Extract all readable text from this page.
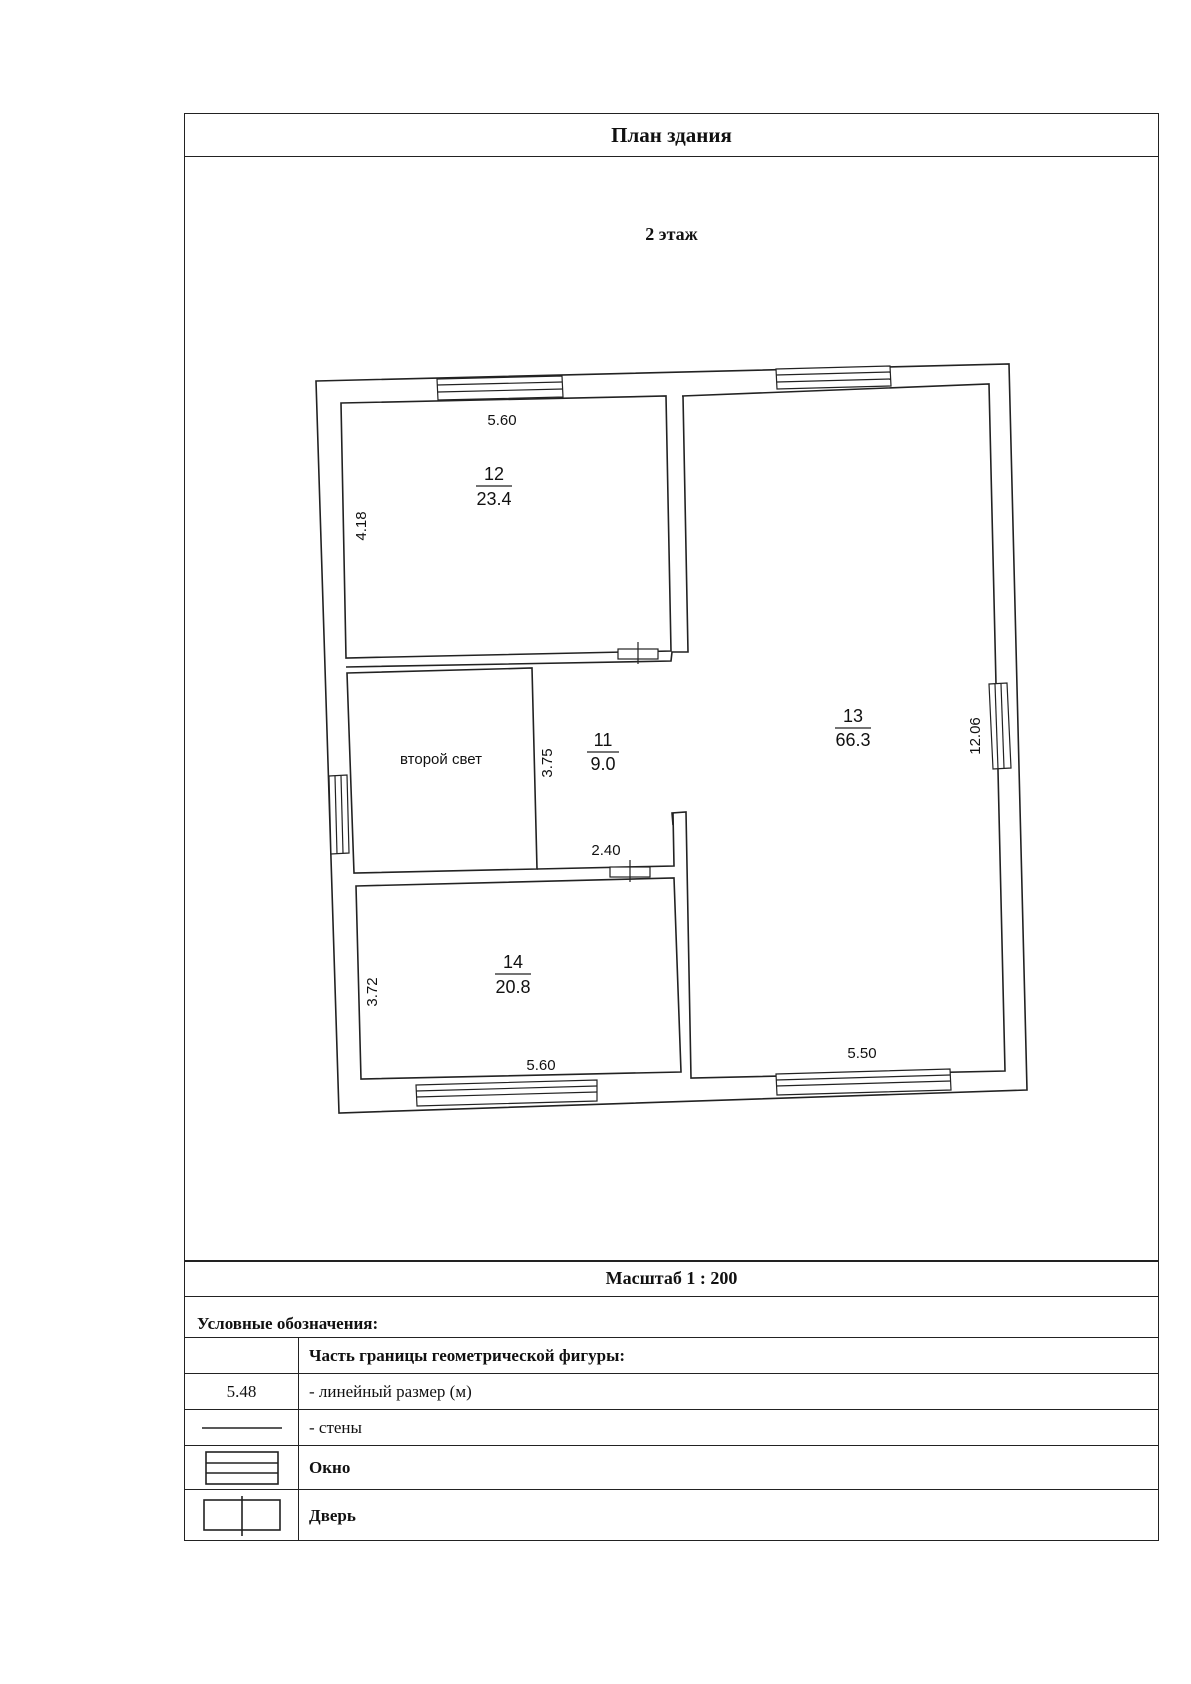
План здания
2 этаж
12
23.4
11
9.0
13
66.3
14
20.8
второй свет
5.60
4.18
3.75
2.40
12.06
5.50
3.72
5.60
Масштаб 1 : 200
Условные обозначения:
Часть границы геометрической фигуры:
5.48	- линейный размер (м)
- стены
Окно
Дверь
